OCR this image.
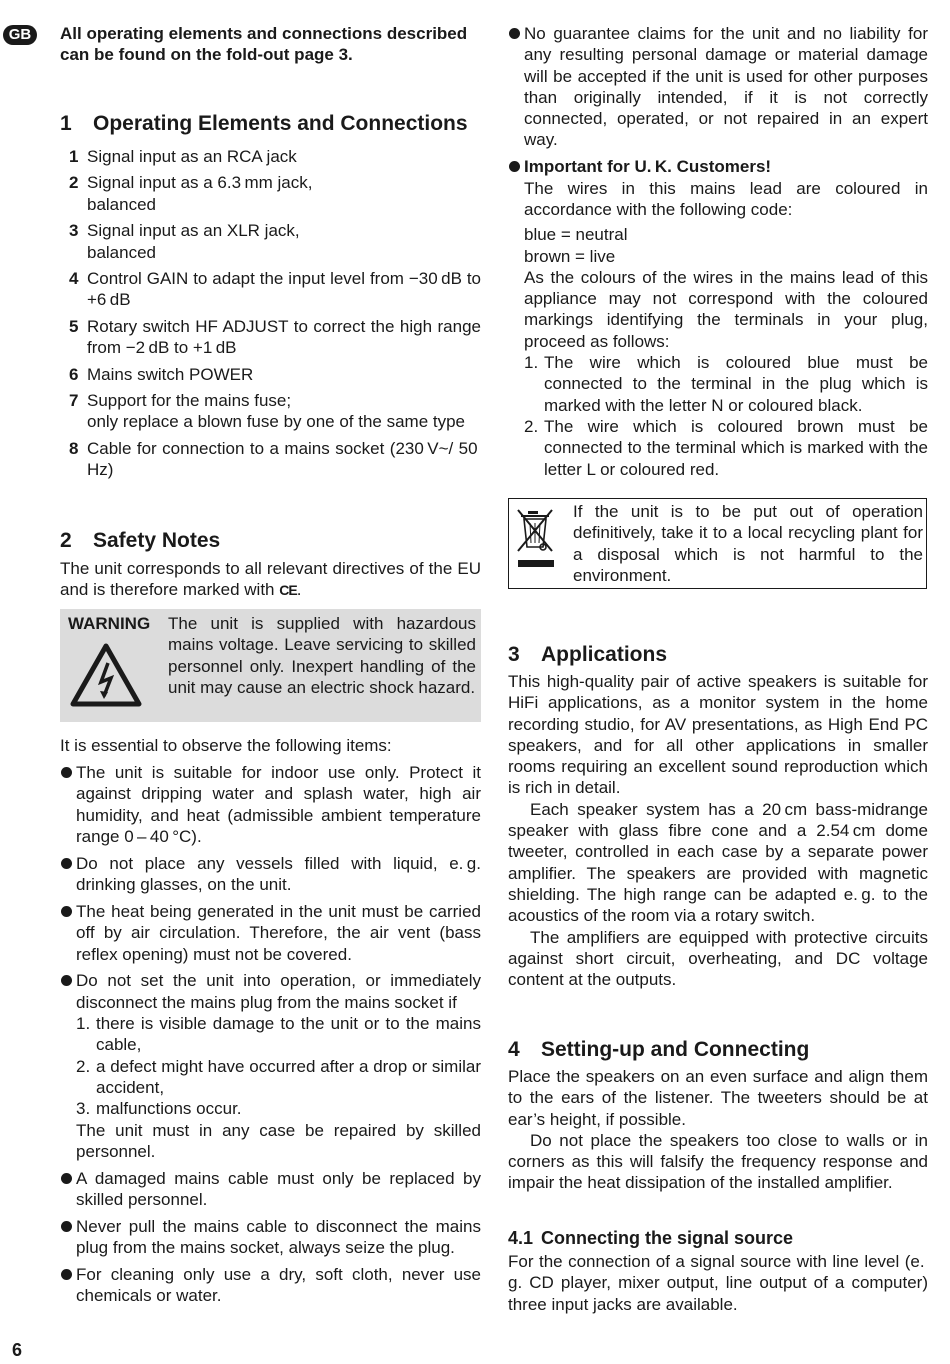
GB	All operating elements and connections described can be found on the fold-out page 3.
1 Operating Elements and Connections
1 Signal input as an RCA jack
2 Signal input as a 6.3 mm jack,
balanced
3 Signal input as an XLR jack,
balanced
4 Control GAIN to adapt the input level from −30 dB to +6 dB
5 Rotary switch HF ADJUST to correct the high range from −2 dB to +1 dB
6 Mains switch POWER
7 Support for the mains fuse;
only replace a blown fuse by one of the same type
8 Cable for connection to a mains socket (230 V~/ 50 Hz)
2 Safety Notes
The unit corresponds to all relevant directives of the EU and is therefore marked with CE.
WARNING The unit is supplied with hazardous mains voltage. Leave servicing to skilled personnel only. Inexpert handling of the unit may cause an electric shock hazard.
It is essential to observe the following items:
The unit is suitable for indoor use only. Protect it against dripping water and splash water, high air humidity, and heat (admissible ambient temperature range 0 – 40 °C).
Do not place any vessels filled with liquid, e. g. drinking glasses, on the unit.
The heat being generated in the unit must be carried off by air circulation. Therefore, the air vent (bass reflex opening) must not be covered.
Do not set the unit into operation, or immediately disconnect the mains plug from the mains socket if
1. there is visible damage to the unit or to the mains cable,
2. a defect might have occurred after a drop or similar accident,
3. malfunctions occur.
The unit must in any case be repaired by skilled personnel.
A damaged mains cable must only be replaced by skilled personnel.
Never pull the mains cable to disconnect the mains plug from the mains socket, always seize the plug.
For cleaning only use a dry, soft cloth, never use chemicals or water.
No guarantee claims for the unit and no liability for any resulting personal damage or material damage will be accepted if the unit is used for other purposes than originally intended, if it is not correctly connected, operated, or not repaired in an expert way.
Important for U. K. Customers!
The wires in this mains lead are coloured in accordance with the following code:
blue = neutral
brown = live
As the colours of the wires in the mains lead of this appliance may not correspond with the coloured markings identifying the terminals in your plug, proceed as follows:
1. The wire which is coloured blue must be connected to the terminal in the plug which is marked with the letter N or coloured black.
2. The wire which is coloured brown must be connected to the terminal which is marked with the letter L or coloured red.
If the unit is to be put out of operation definitively, take it to a local recycling plant for a disposal which is not harmful to the environment.
3 Applications

This high-quality pair of active speakers is suitable for HiFi applications, as a monitor system in the home recording studio, for AV presentations, as High End PC speakers, and for all other applications in smaller rooms requiring an excellent sound reproduction which is rich in detail.

Each speaker system has a 20 cm bass-midrange speaker with glass fibre cone and a 2.54 cm dome tweeter, controlled in each case by a separate power amplifier. The speakers are provided with magnetic shielding. The high range can be adapted e. g. to the acoustics of the room via a rotary switch.

The amplifiers are equipped with protective circuits against short circuit, overheating, and DC voltage content at the outputs.

4 Setting-up and Connecting

Place the speakers on an even surface and align them to the ears of the listener. The tweeters should be at ear’s height, if possible.

Do not place the speakers too close to walls or in corners as this will falsify the frequency response and impair the heat dissipation of the installed amplifier.

4.1 Connecting the signal source

For the connection of a signal source with line level (e. g. CD player, mixer output, line output of a computer) three input jacks are available.

6
